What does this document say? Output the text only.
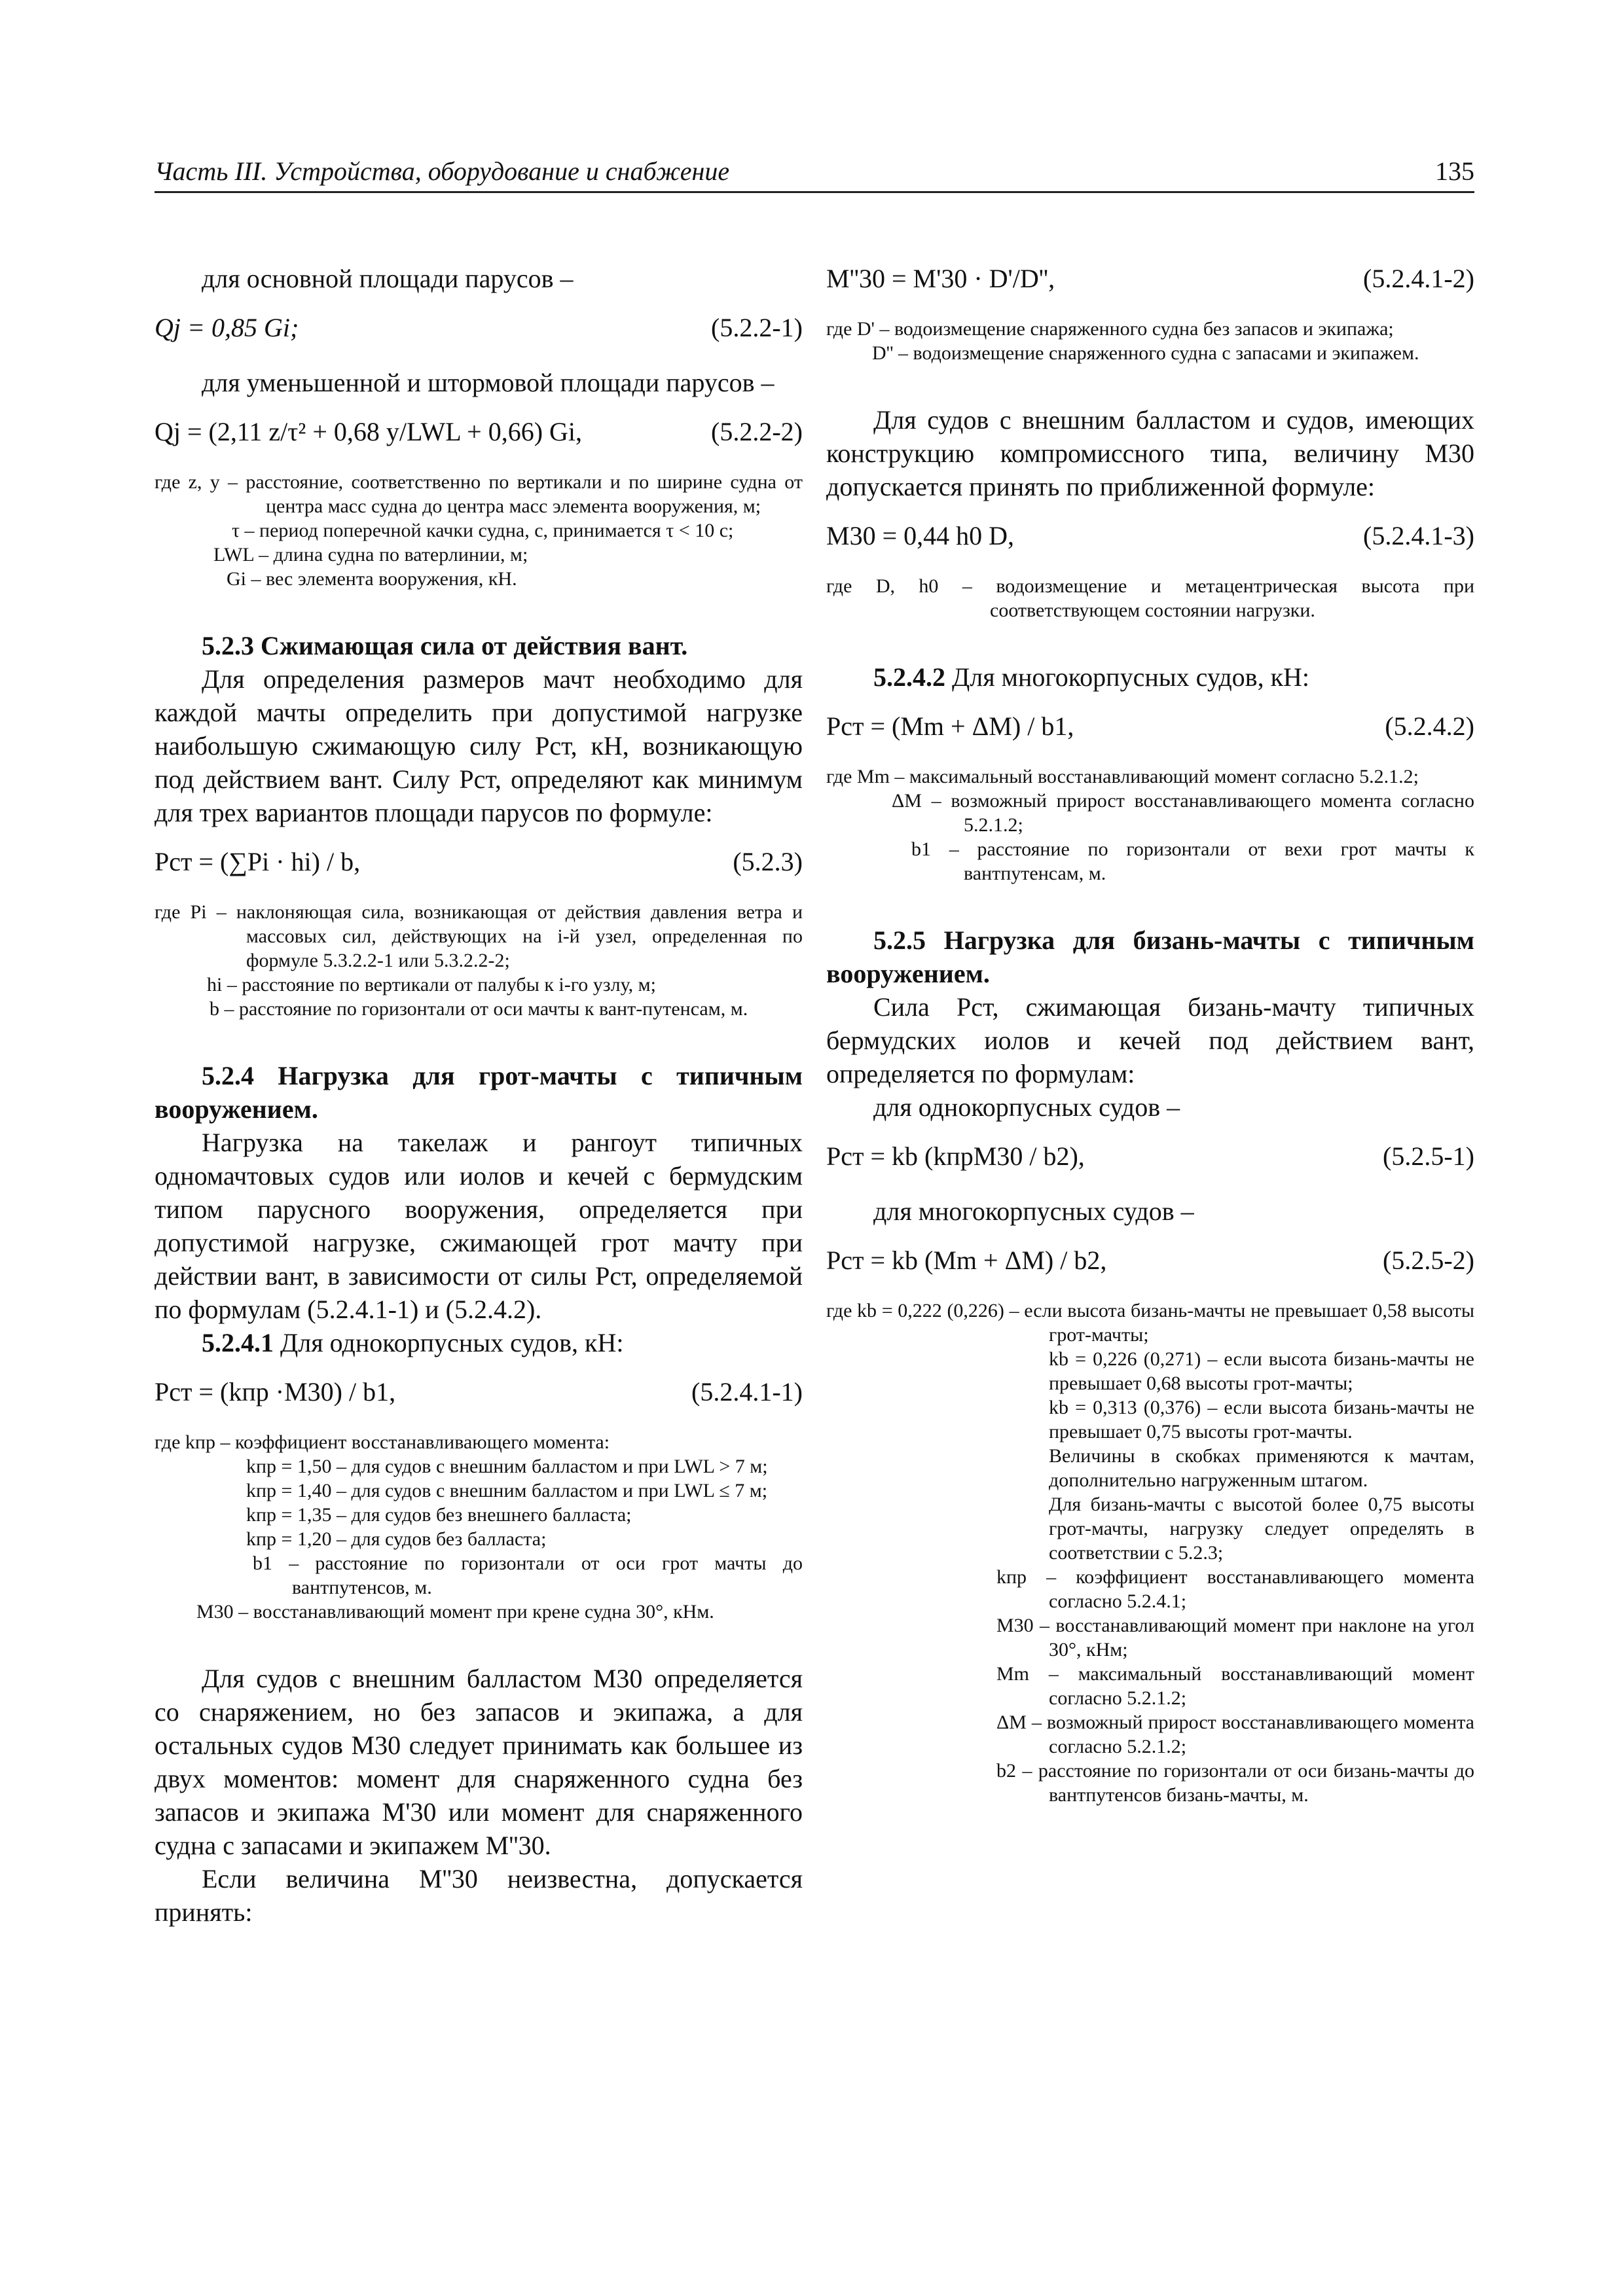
Часть III. Устройства, оборудование и снабжение	135

для основной площади парусов –

Qj = 0,85 Gi;	(5.2.2-1)

для уменьшенной и штормовой площади парусов –

Qj = (2,11 z/τ² + 0,68 y/LWL + 0,66) Gi,	(5.2.2-2)

где z, y – расстояние, соответственно по вертикали и по ширине судна от центра масс судна до центра масс элемента вооружения, м;

τ – период поперечной качки судна, с, принимается τ < 10 с;

LWL – длина судна по ватерлинии, м;

Gi – вес элемента вооружения, кН.

5.2.3 Сжимающая сила от действия вант.

Для определения размеров мачт необходимо для каждой мачты определить при допустимой нагрузке наибольшую сжимающую силу Pст, кН, возникающую под действием вант. Силу Pст, определяют как минимум для трех вариантов площади парусов по формуле:

Pст = (∑Pi · hi) / b,	(5.2.3)

где Pi – наклоняющая сила, возникающая от действия давления ветра и массовых сил, действующих на i-й узел, определенная по формуле 5.3.2.2-1 или 5.3.2.2-2;

hi – расстояние по вертикали от палубы к i-го узлу, м;

b – расстояние по горизонтали от оси мачты к вант-путенсам, м.

5.2.4 Нагрузка для грот-мачты с типичным вооружением.

Нагрузка на такелаж и рангоут типичных одномачтовых судов или иолов и кечей с бермудским типом парусного вооружения, определяется при допустимой нагрузке, сжимающей грот мачту при действии вант, в зависимости от силы Pст, определяемой по формулам (5.2.4.1-1) и (5.2.4.2).

5.2.4.1 Для однокорпусных судов, кН:

Pст = (kпр ·M30) / b1,	(5.2.4.1-1)

где kпр – коэффициент восстанавливающего момента:

kпр = 1,50 – для судов с внешним балластом и при LWL > 7 м;

kпр = 1,40 – для судов с внешним балластом и при LWL ≤ 7 м;

kпр = 1,35 – для судов без внешнего балласта;

kпр = 1,20 – для судов без балласта;

b1 – расстояние по горизонтали от оси грот мачты до вантпутенсов, м.

M30 – восстанавливающий момент при крене судна 30°, кНм.

Для судов с внешним балластом M30 определяется со снаряжением, но без запасов и экипажа, а для остальных судов M30 следует принимать как большее из двух моментов: момент для снаряженного судна без запасов и экипажа M'30 или момент для снаряженного судна с запасами и экипажем M''30.

Если величина M''30 неизвестна, допускается принять:

M''30 = M'30 · D'/D'',	(5.2.4.1-2)

где D' – водоизмещение снаряженного судна без запасов и экипажа;

D'' – водоизмещение снаряженного судна с запасами и экипажем.

Для судов с внешним балластом и судов, имеющих конструкцию компромиссного типа, величину M30 допускается принять по приближенной формуле:

M30 = 0,44 h0 D,	(5.2.4.1-3)

где D, h0 – водоизмещение и метацентрическая высота при соответствующем состоянии нагрузки.

5.2.4.2 Для многокорпусных судов, кН:

Pст = (Mm + ΔM) / b1,	(5.2.4.2)

где Mm – максимальный восстанавливающий момент согласно 5.2.1.2;

ΔM – возможный прирост восстанавливающего момента согласно 5.2.1.2;

b1 – расстояние по горизонтали от вехи грот мачты к вантпутенсам, м.

5.2.5 Нагрузка для бизань-мачты с типичным вооружением.

Сила Pст, сжимающая бизань-мачту типичных бермудских иолов и кечей под действием вант, определяется по формулам:

для однокорпусных судов –

Pст = kb (kпрM30 / b2),	(5.2.5-1)

для многокорпусных судов –

Pст = kb (Mm + ΔM) / b2,	(5.2.5-2)

где kb = 0,222 (0,226) – если высота бизань-мачты не превышает 0,58 высоты грот-мачты;

kb = 0,226 (0,271) – если высота бизань-мачты не превышает 0,68 высоты грот-мачты;

kb = 0,313 (0,376) – если высота бизань-мачты не превышает 0,75 высоты грот-мачты.

Величины в скобках применяются к мачтам, дополнительно нагруженным штагом.

Для бизань-мачты с высотой более 0,75 высоты грот-мачты, нагрузку следует определять в соответствии с 5.2.3;

kпр – коэффициент восстанавливающего момента согласно 5.2.4.1;

M30 – восстанавливающий момент при наклоне на угол 30°, кНм;

Mm – максимальный восстанавливающий момент согласно 5.2.1.2;

ΔM – возможный прирост восстанавливающего момента согласно 5.2.1.2;

b2 – расстояние по горизонтали от оси бизань-мачты до вантпутенсов бизань-мачты, м.
